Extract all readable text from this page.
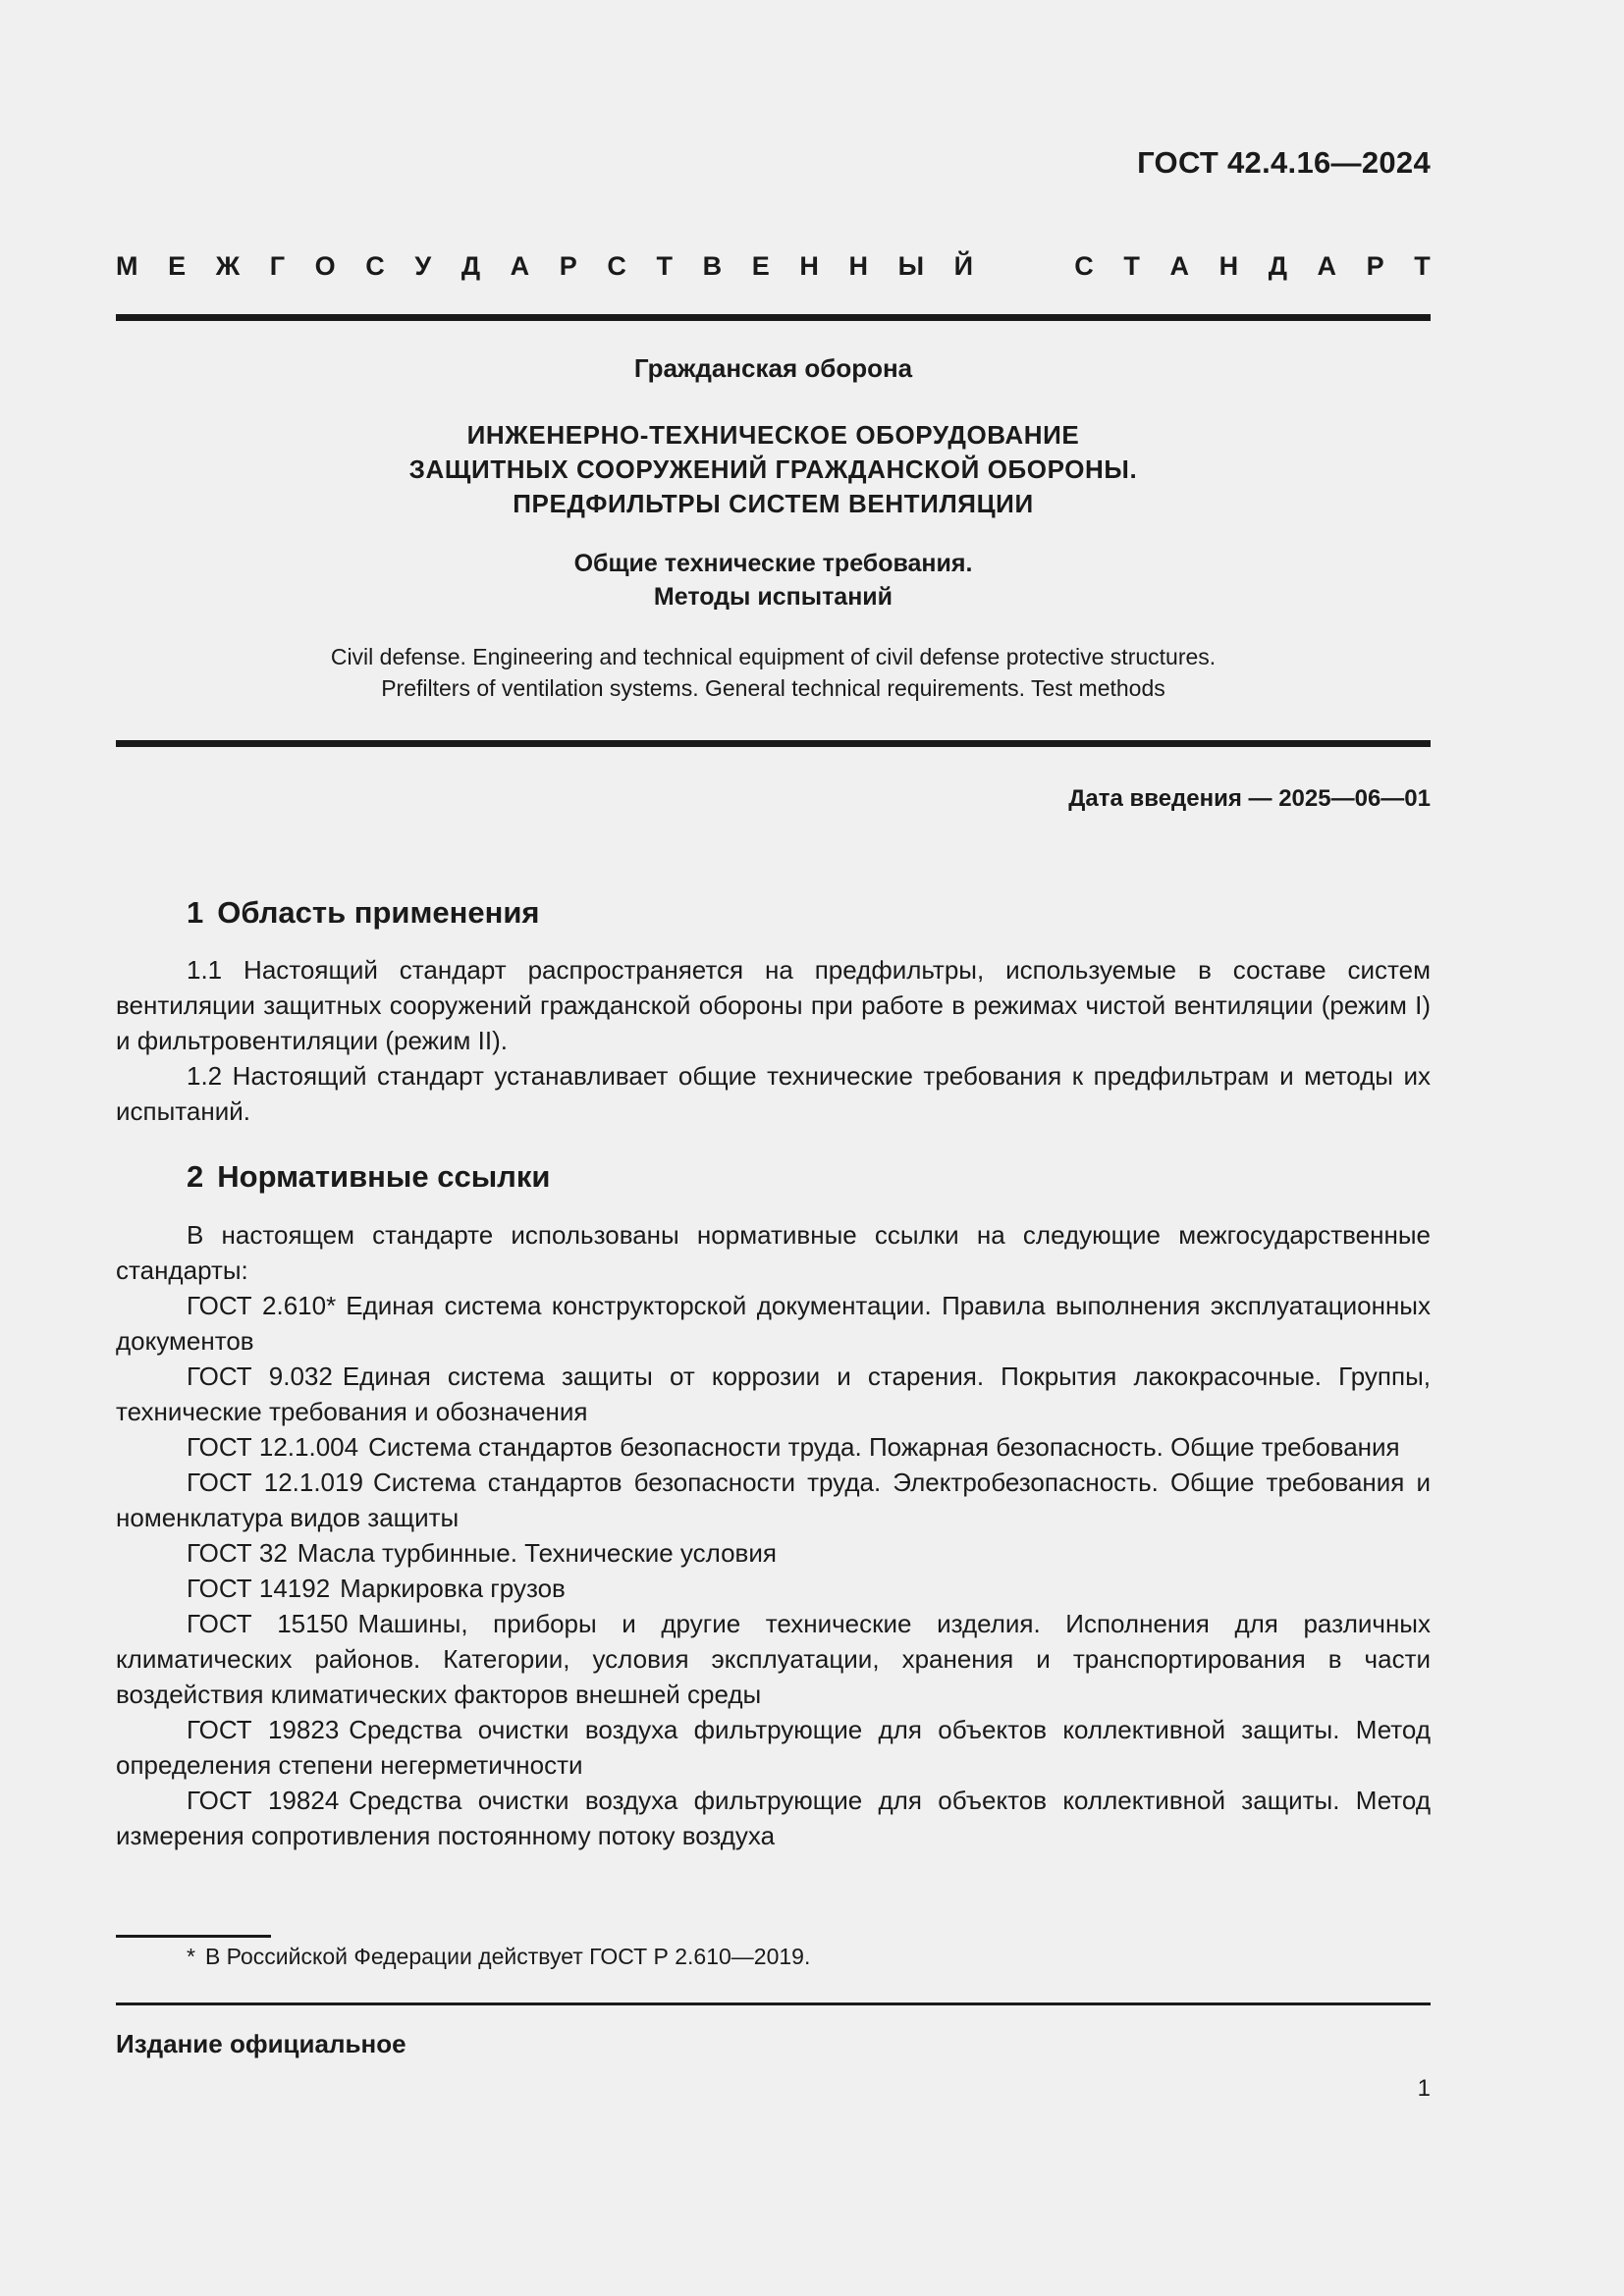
ГОСТ 42.4.16—2024
М Е Ж Г О С У Д А Р С Т В Е Н Н Ы Й	С Т А Н Д А Р Т
Гражданская оборона
ИНЖЕНЕРНО-ТЕХНИЧЕСКОЕ ОБОРУДОВАНИЕ
ЗАЩИТНЫХ СООРУЖЕНИЙ ГРАЖДАНСКОЙ ОБОРОНЫ.
ПРЕДФИЛЬТРЫ СИСТЕМ ВЕНТИЛЯЦИИ
Общие технические требования.
Методы испытаний
Civil defense. Engineering and technical equipment of civil defense protective structures.
Prefilters of ventilation systems. General technical requirements. Test methods
Дата введения — 2025—06—01
1 Область применения

1.1 Настоящий стандарт распространяется на предфильтры, используемые в составе систем вентиляции защитных сооружений гражданской обороны при работе в режимах чистой вентиляции (режим I) и фильтровентиляции (режим II).

1.2 Настоящий стандарт устанавливает общие технические требования к предфильтрам и методы их испытаний.

2 Нормативные ссылки

В настоящем стандарте использованы нормативные ссылки на следующие межгосударственные стандарты:

ГОСТ 2.610* Единая система конструкторской документации. Правила выполнения эксплуатационных документов

ГОСТ 9.032 Единая система защиты от коррозии и старения. Покрытия лакокрасочные. Группы, технические требования и обозначения

ГОСТ 12.1.004 Система стандартов безопасности труда. Пожарная безопасность. Общие требования

ГОСТ 12.1.019 Система стандартов безопасности труда. Электробезопасность. Общие требования и номенклатура видов защиты

ГОСТ 32 Масла турбинные. Технические условия

ГОСТ 14192 Маркировка грузов

ГОСТ 15150 Машины, приборы и другие технические изделия. Исполнения для различных климатических районов. Категории, условия эксплуатации, хранения и транспортирования в части воздействия климатических факторов внешней среды

ГОСТ 19823 Средства очистки воздуха фильтрующие для объектов коллективной защиты. Метод определения степени негерметичности

ГОСТ 19824 Средства очистки воздуха фильтрующие для объектов коллективной защиты. Метод измерения сопротивления постоянному потоку воздуха

* В Российской Федерации действует ГОСТ Р 2.610—2019.
Издание официальное
1
